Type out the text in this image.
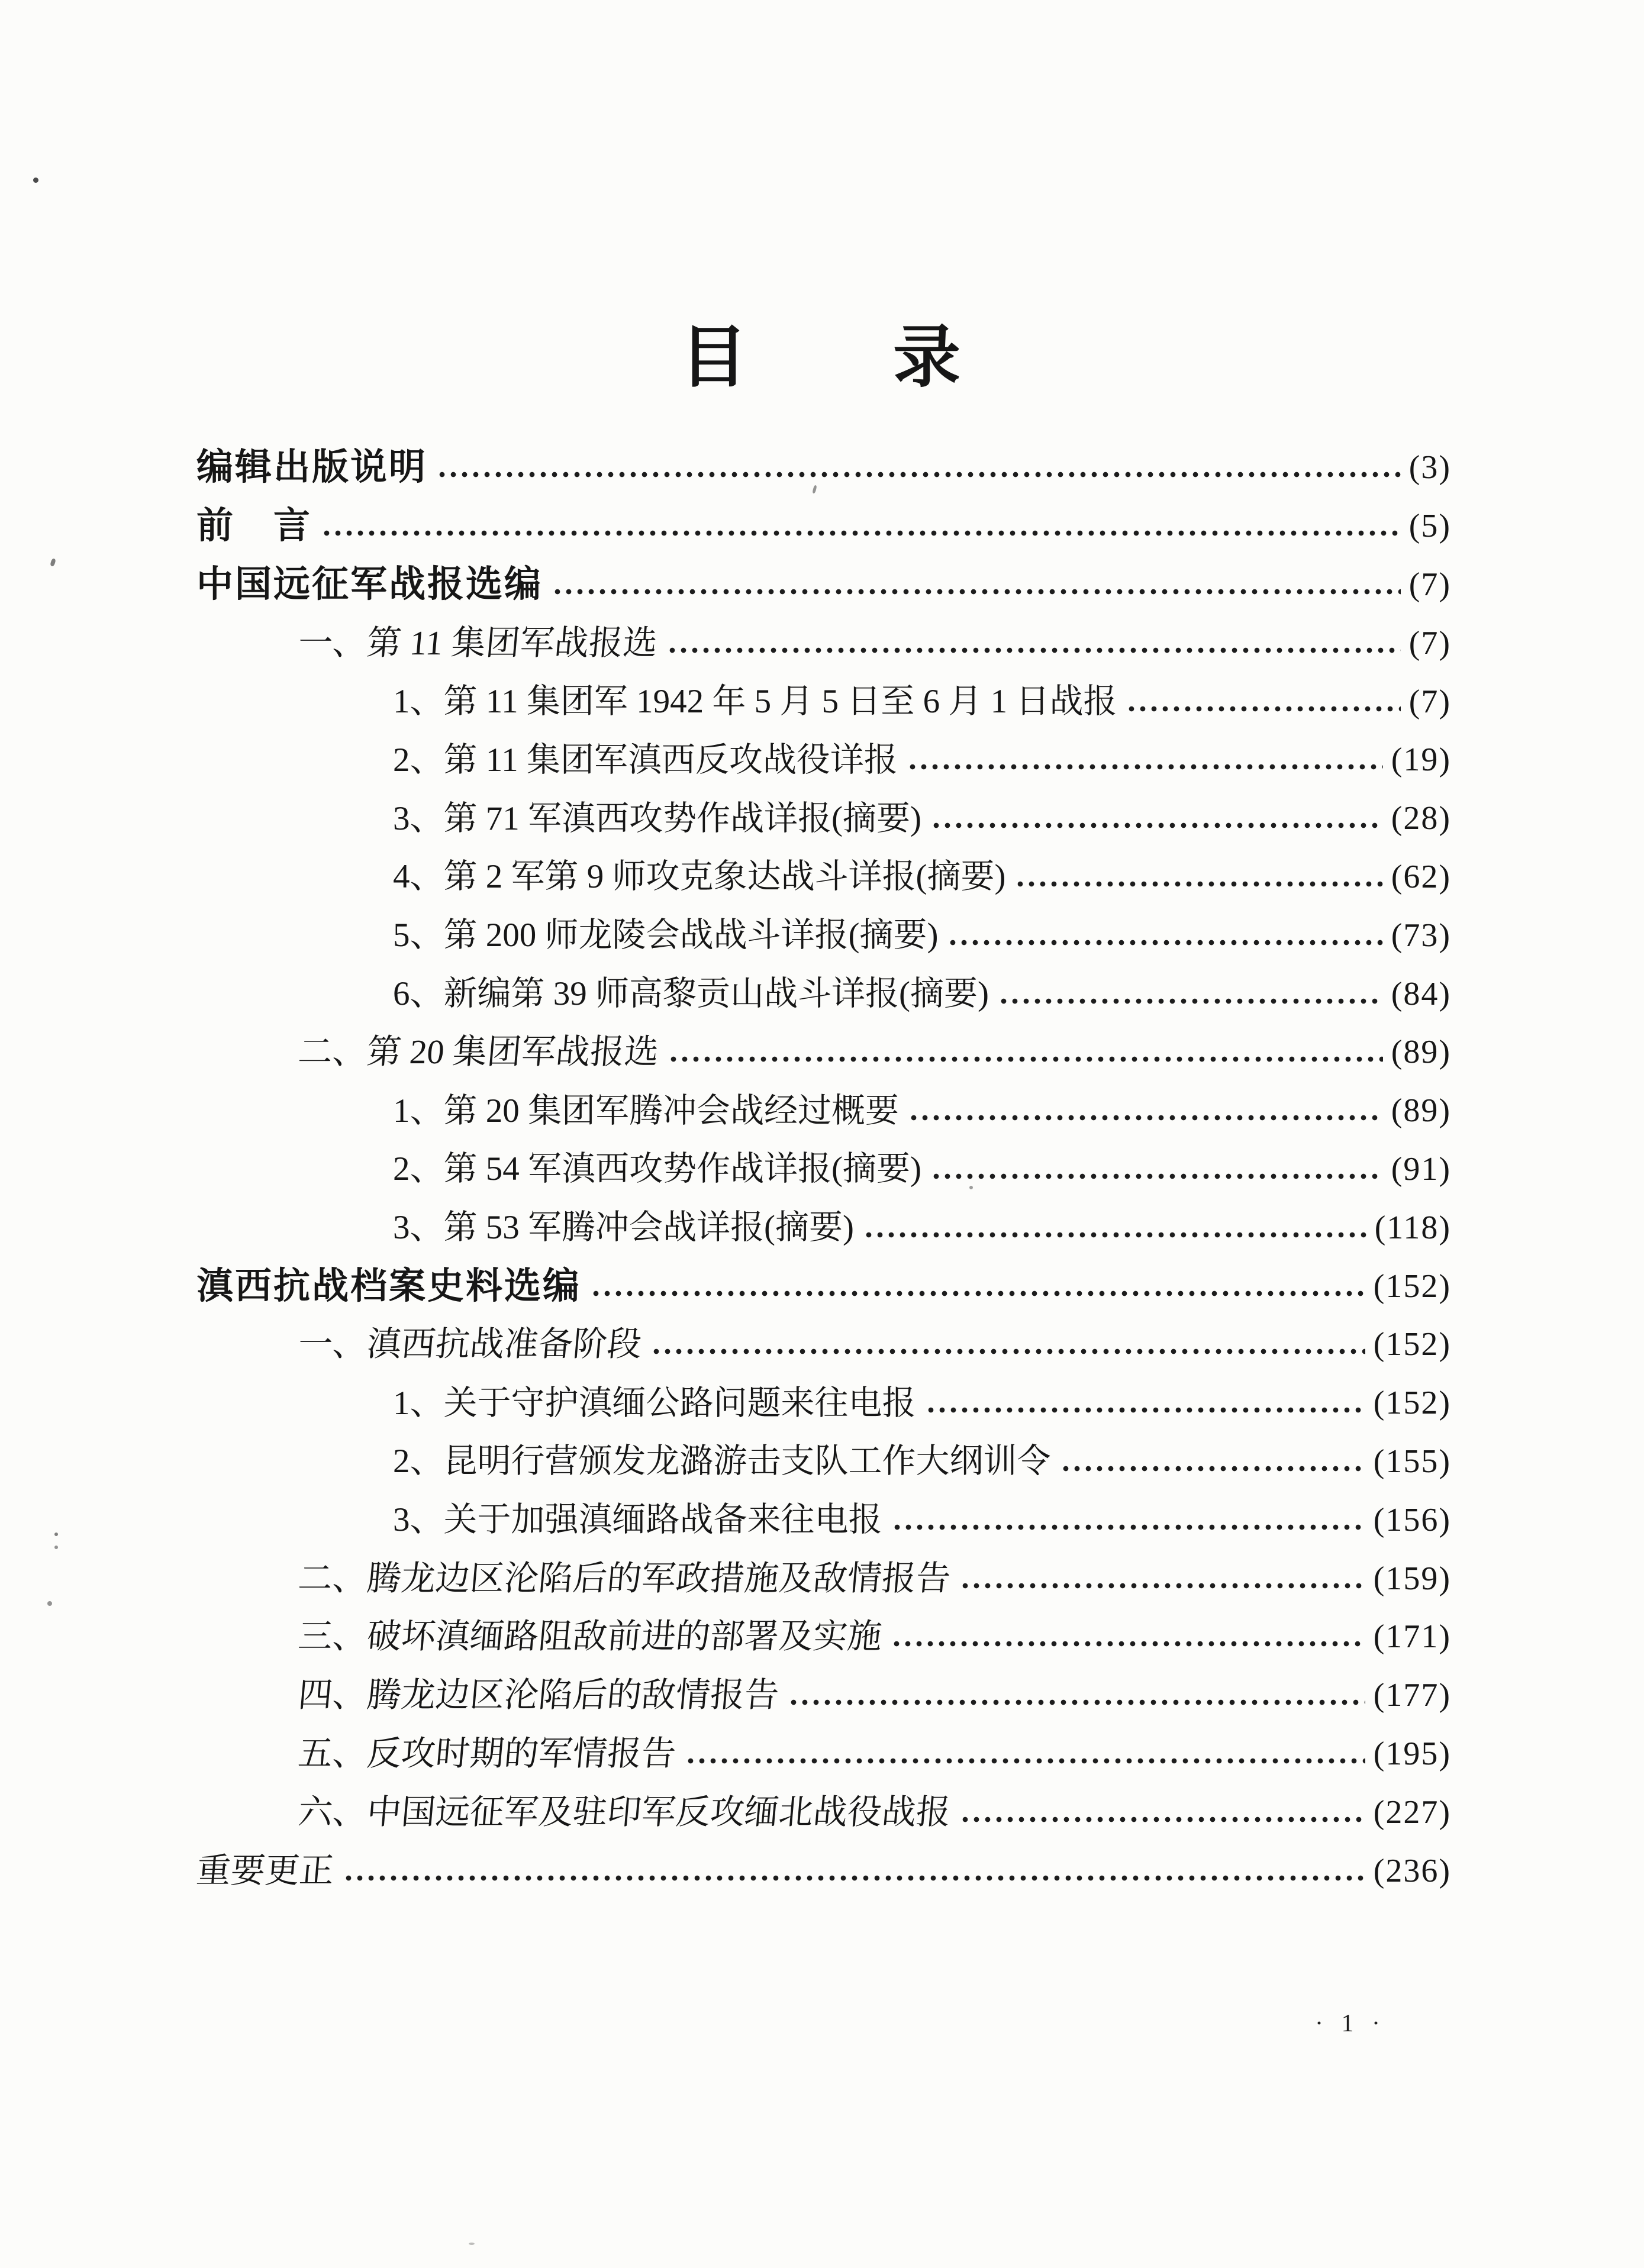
目　　录
编辑出版说明	(3)
前　言	(5)
中国远征军战报选编	(7)
一、第 11 集团军战报选	(7)
1、第 11 集团军 1942 年 5 月 5 日至 6 月 1 日战报	(7)
2、第 11 集团军滇西反攻战役详报	(19)
3、第 71 军滇西攻势作战详报(摘要)	(28)
4、第 2 军第 9 师攻克象达战斗详报(摘要)	(62)
5、第 200 师龙陵会战战斗详报(摘要)	(73)
6、新编第 39 师高黎贡山战斗详报(摘要)	(84)
二、第 20 集团军战报选	(89)
1、第 20 集团军腾冲会战经过概要	(89)
2、第 54 军滇西攻势作战详报(摘要)	(91)
3、第 53 军腾冲会战详报(摘要)	(118)
滇西抗战档案史料选编	(152)
一、滇西抗战准备阶段	(152)
1、关于守护滇缅公路问题来往电报	(152)
2、昆明行营颁发龙潞游击支队工作大纲训令	(155)
3、关于加强滇缅路战备来往电报	(156)
二、腾龙边区沦陷后的军政措施及敌情报告	(159)
三、破坏滇缅路阻敌前进的部署及实施	(171)
四、腾龙边区沦陷后的敌情报告	(177)
五、反攻时期的军情报告	(195)
六、中国远征军及驻印军反攻缅北战役战报	(227)
重要更正	(236)
· 1 ·
